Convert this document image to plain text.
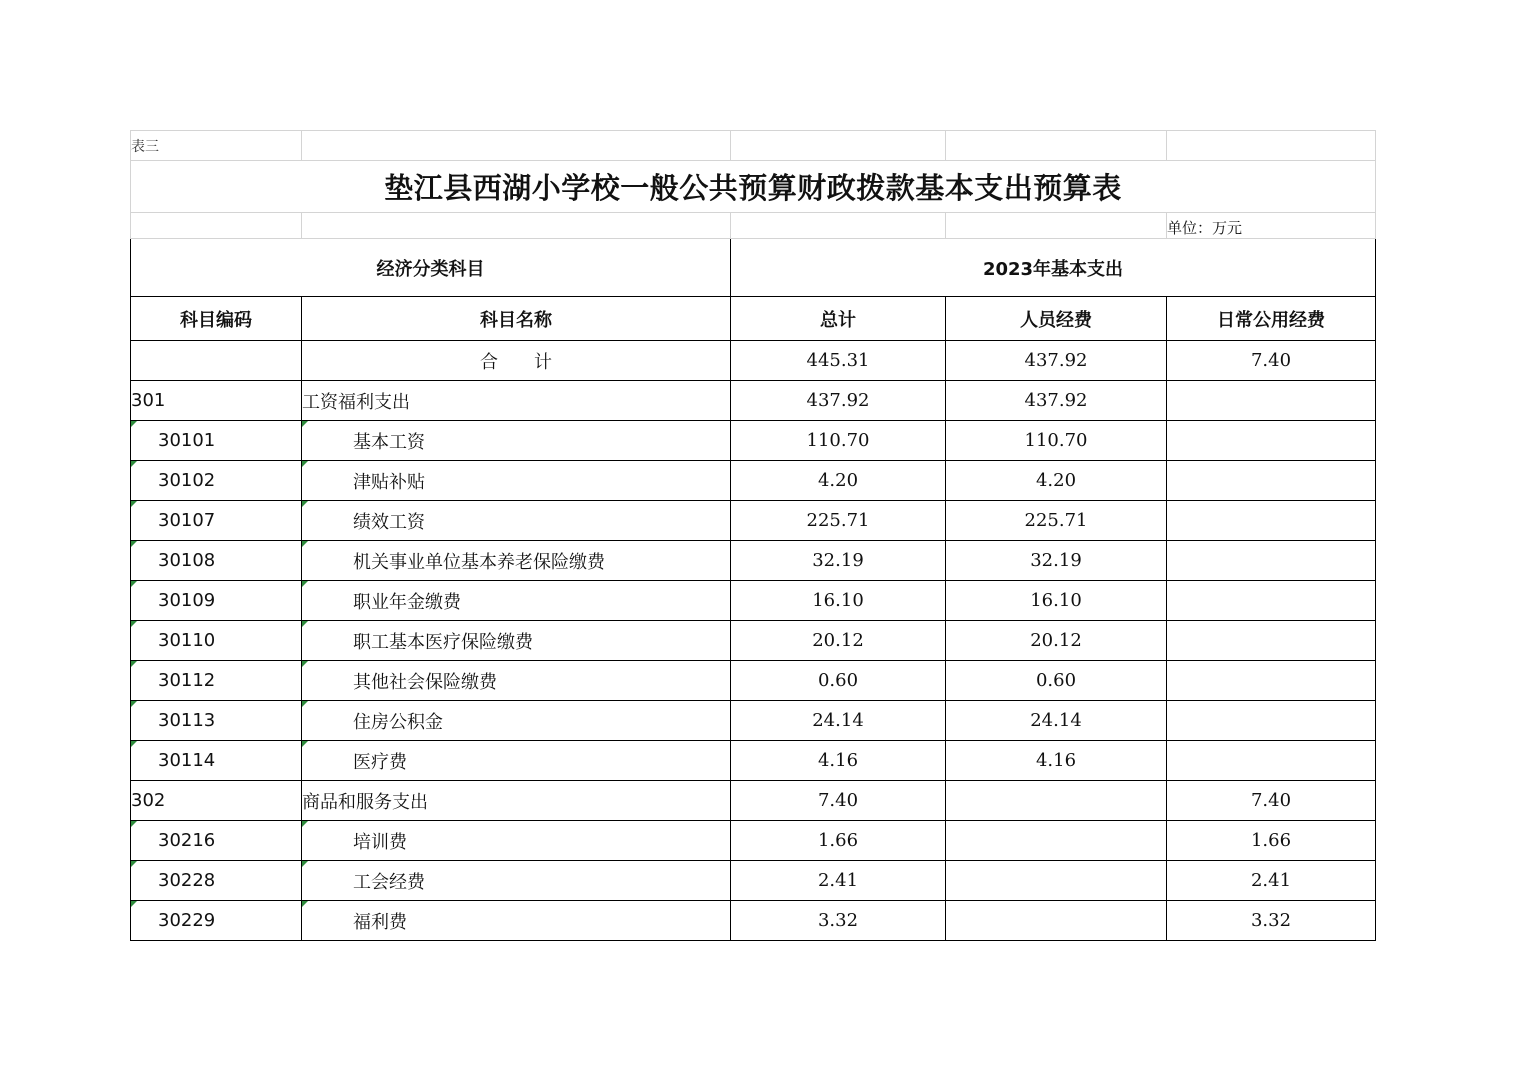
表三				
垫江县西湖小学校一般公共预算财政拨款基本支出预算表				
				单位：万元
经济分类科目		2023年基本支出		
科目编码	科目名称	总计	人员经费	日常公用经费
	合　　计	445.31	437.92	7.40
301	工资福利支出	437.92	437.92	
30101	基本工资	110.70	110.70	
30102	津贴补贴	4.20	4.20	
30107	绩效工资	225.71	225.71	
30108	机关事业单位基本养老保险缴费	32.19	32.19	
30109	职业年金缴费	16.10	16.10	
30110	职工基本医疗保险缴费	20.12	20.12	
30112	其他社会保险缴费	0.60	0.60	
30113	住房公积金	24.14	24.14	
30114	医疗费	4.16	4.16	
302	商品和服务支出	7.40		7.40
30216	培训费	1.66		1.66
30228	工会经费	2.41		2.41
30229	福利费	3.32		3.32
